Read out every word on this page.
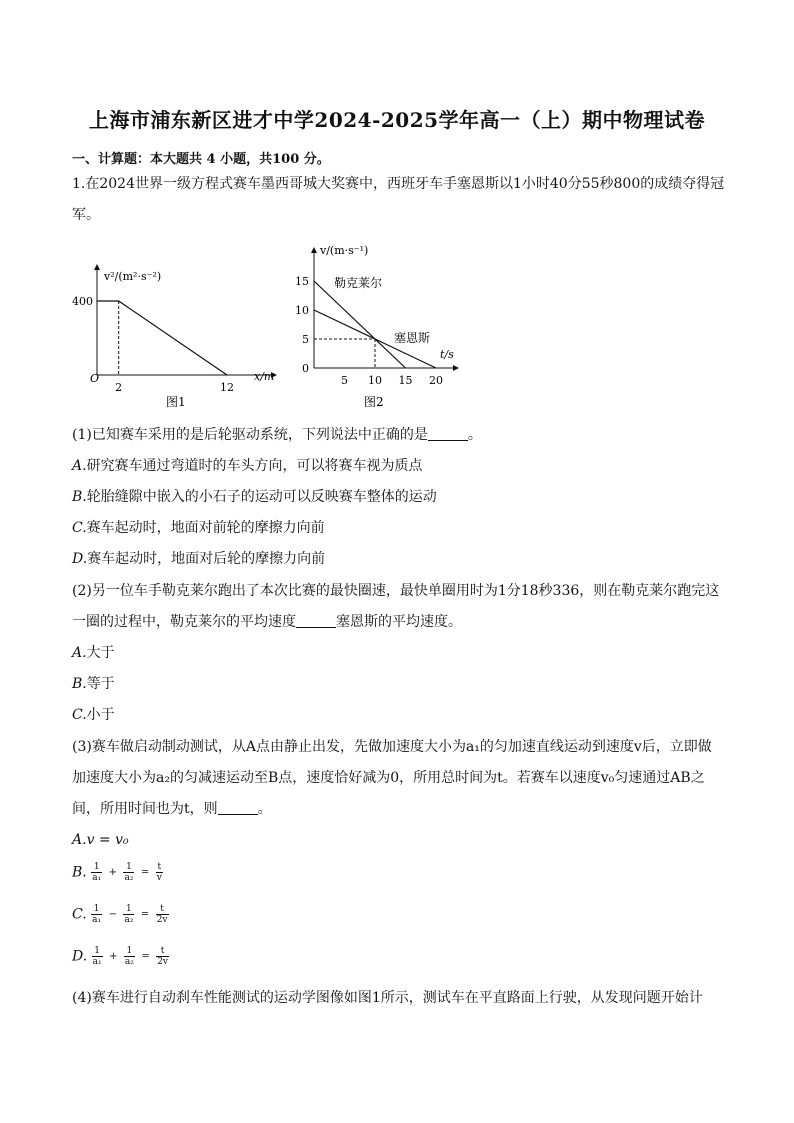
上海市浦东新区进才中学2024-2025学年高一（上）期中物理试卷
一、计算题：本大题共 4 小题，共100 分。
1.在2024世界一级方程式赛车墨西哥城大奖赛中，西班牙车手塞恩斯以1小时40分55秒800的成绩夺得冠
军。
400
2	12
v²/(m²·s⁻²)
x/m
O
图1
5
10
15
5 10 15 20
v/(m·s⁻¹)
t/s
0
勒克莱尔
塞恩斯
图2
(1)已知赛车采用的是后轮驱动系统，下列说法中正确的是	。
A.研究赛车通过弯道时的车头方向，可以将赛车视为质点
B.轮胎缝隙中嵌入的小石子的运动可以反映赛车整体的运动
C.赛车起动时，地面对前轮的摩擦力向前
D.赛车起动时，地面对后轮的摩擦力向前
(2)另一位车手勒克莱尔跑出了本次比赛的最快圈速，最快单圈用时为1分18秒336，则在勒克莱尔跑完这
一圈的过程中，勒克莱尔的平均速度	塞恩斯的平均速度。
A.大于
B.等于
C.小于
(3)赛车做启动制动测试，从A点由静止出发，先做加速度大小为a₁的匀加速直线运动到速度v后，立即做
加速度大小为a₂的匀减速运动至B点，速度恰好减为0，所用总时间为t。若赛车以速度v₀匀速通过AB之
间，所用时间也为t，则	。
A.v = v₀
B. $\frac{1}{\text{a₁}} + \frac{1}{\text{a₂}} = \frac{t}{v}$
C. $\frac{1}{\text{a₁}} - \frac{1}{\text{a₂}} = \frac{t}{2v}$
D. $\frac{1}{\text{a₁}} + \frac{1}{\text{a₂}} = \frac{t}{2v}$
(4)赛车进行自动刹车性能测试的运动学图像如图1所示，测试车在平直路面上行驶，从发现问题开始计
